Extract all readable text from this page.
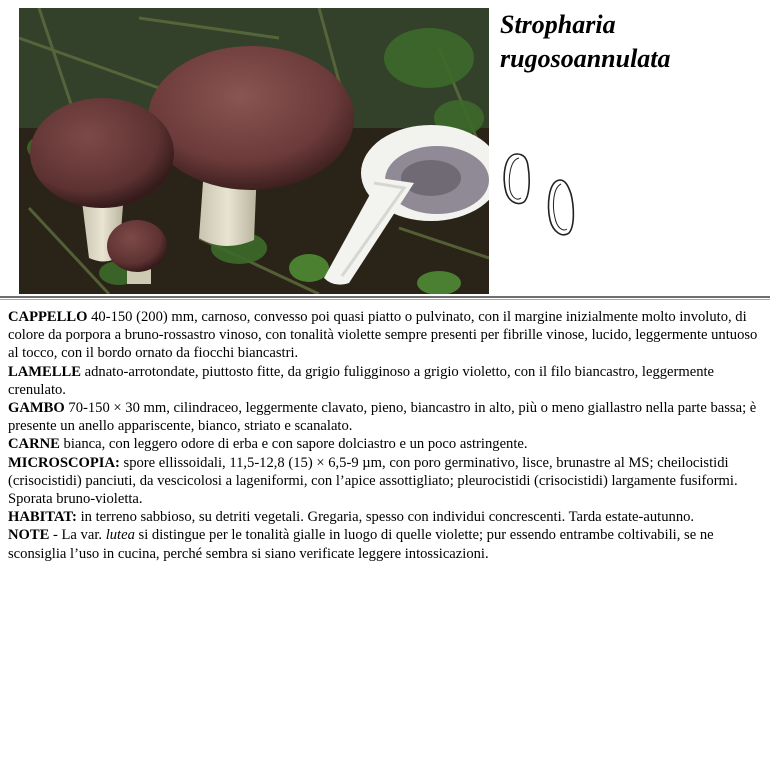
Stropharia
rugosoannulata

CAPPELLO 40-150 (200) mm, carnoso, convesso poi quasi piatto o pulvinato, con il margine inizialmente molto involuto, di colore da porpora a bruno-rossastro vinoso, con tonalità violette sempre presenti per fibrille vinose, lucido, leggermente untuoso al tocco, con il bordo ornato da fiocchi biancastri.

LAMELLE adnato-arrotondate, piuttosto fitte, da grigio fuligginoso a grigio violetto, con il filo biancastro, leggermente crenulato.

GAMBO 70-150 × 30 mm, cilindraceo, leggermente clavato, pieno, biancastro in alto, più o meno giallastro nella parte bassa; è presente un anello appariscente, bianco, striato e scanalato.

CARNE bianca, con leggero odore di erba e con sapore dolciastro e un poco astringente.

MICROSCOPIA: spore ellissoidali, 11,5-12,8 (15) × 6,5-9 µm, con poro germinativo, lisce, brunastre al MS; cheilocistidi (crisocistidi) panciuti, da vescicolosi a lageniformi, con l’apice assottigliato; pleurocistidi (crisocistidi) largamente fusiformi. Sporata bruno-violetta.

HABITAT: in terreno sabbioso, su detriti vegetali. Gregaria, spesso con individui concrescenti. Tarda estate-autunno.

NOTE - La var. lutea si distingue per le tonalità gialle in luogo di quelle violette; pur essendo entrambe coltivabili, se ne sconsiglia l’uso in cucina, perché sembra si siano verificate leggere intossicazioni.
